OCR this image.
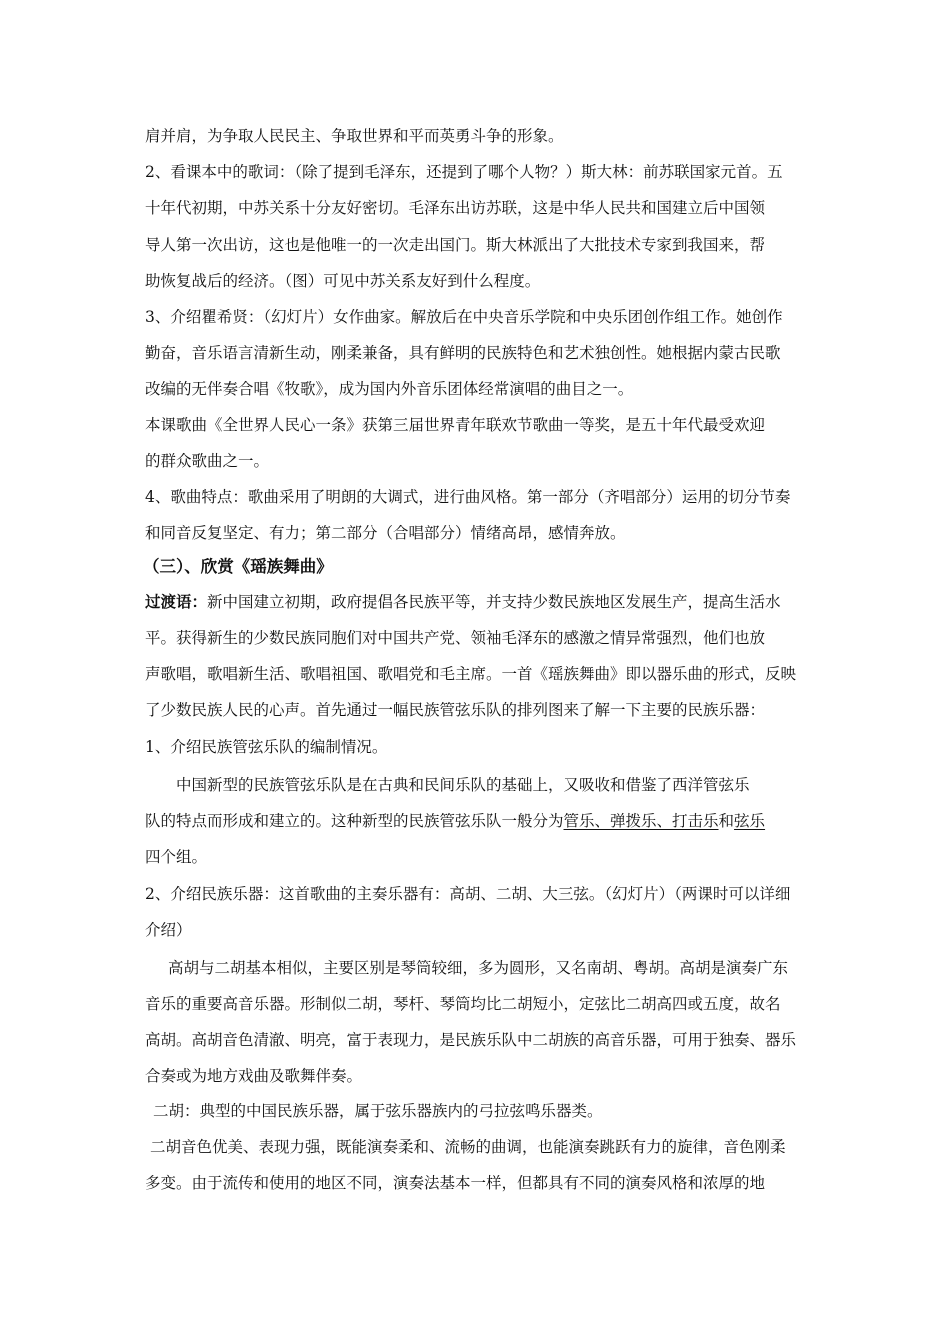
肩并肩，为争取人民民主、争取世界和平而英勇斗争的形象。
2、看课本中的歌词：（除了提到毛泽东，还提到了哪个人物？）斯大林：前苏联国家元首。五
十年代初期，中苏关系十分友好密切。毛泽东出访苏联，这是中华人民共和国建立后中国领
导人第一次出访，这也是他唯一的一次走出国门。斯大林派出了大批技术专家到我国来，帮
助恢复战后的经济。（图）可见中苏关系友好到什么程度。
3、介绍瞿希贤：（幻灯片）女作曲家。解放后在中央音乐学院和中央乐团创作组工作。她创作
勤奋，音乐语言清新生动，刚柔兼备，具有鲜明的民族特色和艺术独创性。她根据内蒙古民歌
改编的无伴奏合唱《牧歌》，成为国内外音乐团体经常演唱的曲目之一。
本课歌曲《全世界人民心一条》获第三届世界青年联欢节歌曲一等奖，是五十年代最受欢迎
的群众歌曲之一。
4、歌曲特点：歌曲采用了明朗的大调式，进行曲风格。第一部分（齐唱部分）运用的切分节奏
和同音反复坚定、有力；第二部分（合唱部分）情绪高昂，感情奔放。
（三）、欣赏《瑶族舞曲》
过渡语：新中国建立初期，政府提倡各民族平等，并支持少数民族地区发展生产，提高生活水
平。获得新生的少数民族同胞们对中国共产党、领袖毛泽东的感激之情异常强烈，他们也放
声歌唱，歌唱新生活、歌唱祖国、歌唱党和毛主席。一首《瑶族舞曲》即以器乐曲的形式，反映
了少数民族人民的心声。首先通过一幅民族管弦乐队的排列图来了解一下主要的民族乐器：
1、介绍民族管弦乐队的编制情况。
中国新型的民族管弦乐队是在古典和民间乐队的基础上，又吸收和借鉴了西洋管弦乐
队的特点而形成和建立的。这种新型的民族管弦乐队一般分为管乐、弹拨乐、打击乐和弦乐
四个组。
2、介绍民族乐器：这首歌曲的主奏乐器有：高胡、二胡、大三弦。（幻灯片）（两课时可以详细
介绍）
高胡与二胡基本相似，主要区别是琴筒较细，多为圆形，又名南胡、粤胡。高胡是演奏广东
音乐的重要高音乐器。形制似二胡，琴杆、琴筒均比二胡短小，定弦比二胡高四或五度，故名
高胡。高胡音色清澈、明亮，富于表现力，是民族乐队中二胡族的高音乐器，可用于独奏、器乐
合奏或为地方戏曲及歌舞伴奏。
二胡：典型的中国民族乐器，属于弦乐器族内的弓拉弦鸣乐器类。
二胡音色优美、表现力强，既能演奏柔和、流畅的曲调，也能演奏跳跃有力的旋律，音色刚柔
多变。由于流传和使用的地区不同，演奏法基本一样，但都具有不同的演奏风格和浓厚的地
